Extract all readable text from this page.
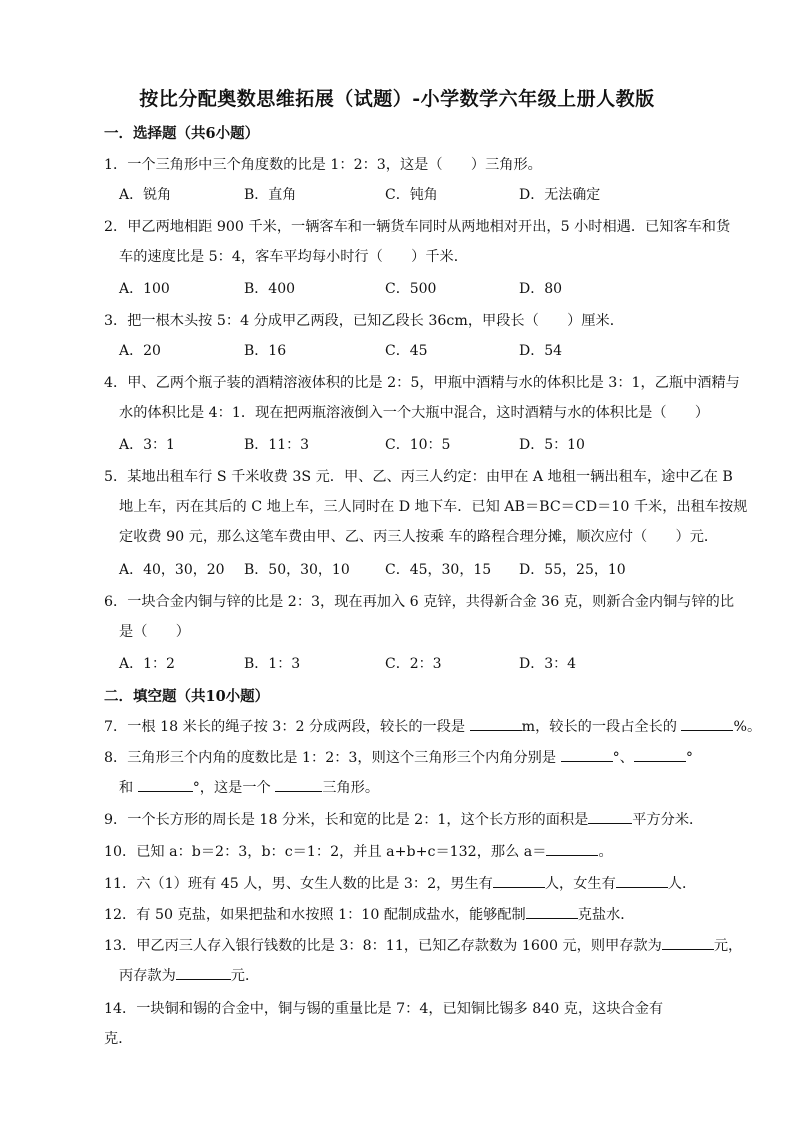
按比分配奥数思维拓展（试题）-小学数学六年级上册人教版
一．选择题（共6小题）
1．一个三角形中三个角度数的比是 1：2：3，这是（　　）三角形。
A．锐角	B．直角	C．钝角	D．无法确定
2．甲乙两地相距 900 千米，一辆客车和一辆货车同时从两地相对开出，5 小时相遇．已知客车和货
车的速度比是 5：4，客车平均每小时行（　　）千米．
A．100	B．400	C．500	D．80
3．把一根木头按 5：4 分成甲乙两段，已知乙段长 36cm，甲段长（　　）厘米．
A．20	B．16	C．45	D．54
4．甲、乙两个瓶子装的酒精溶液体积的比是 2：5，甲瓶中酒精与水的体积比是 3：1，乙瓶中酒精与
水的体积比是 4：1．现在把两瓶溶液倒入一个大瓶中混合，这时酒精与水的体积比是（　　）
A．3：1	B．11：3	C．10：5	D．5：10
5．某地出租车行 S 千米收费 3S 元．甲、乙、丙三人约定：由甲在 A 地租一辆出租车，途中乙在 B
地上车，丙在其后的 C 地上车，三人同时在 D 地下车．已知 AB＝BC＝CD＝10 千米，出租车按规
定收费 90 元，那么这笔车费由甲、乙、丙三人按乘 车的路程合理分摊，顺次应付（　　）元．
A．40，30，20 B．50，30，10	C．45，30，15 D．55，25，10
6．一块合金内铜与锌的比是 2：3，现在再加入 6 克锌，共得新合金 36 克，则新合金内铜与锌的比
是（　　）
A．1：2	B．1：3	C．2：3	D．3：4
二．填空题（共10小题）
7．一根 18 米长的绳子按 3：2 分成两段，较长的一段是	m，较长的一段占全长的	%。
8．三角形三个内角的度数比是 1：2：3，则这个三角形三个内角分别是	°、	°
和	°，这是一个	三角形。
9．一个长方形的周长是 18 分米，长和宽的比是 2：1，这个长方形的面积是	平方分米．
10．已知 a：b＝2：3，b：c＝1：2，并且 a+b+c＝132，那么 a＝	。
11．六（1）班有 45 人，男、女生人数的比是 3：2，男生有	人，女生有	人．
12．有 50 克盐，如果把盐和水按照 1：10 配制成盐水，能够配制	克盐水．
13．甲乙丙三人存入银行钱数的比是 3：8：11，已知乙存款数为 1600 元，则甲存款为	元，
丙存款为	元．
14．一块铜和锡的合金中，铜与锡的重量比是 7：4，已知铜比锡多 840 克，这块合金有
克．
